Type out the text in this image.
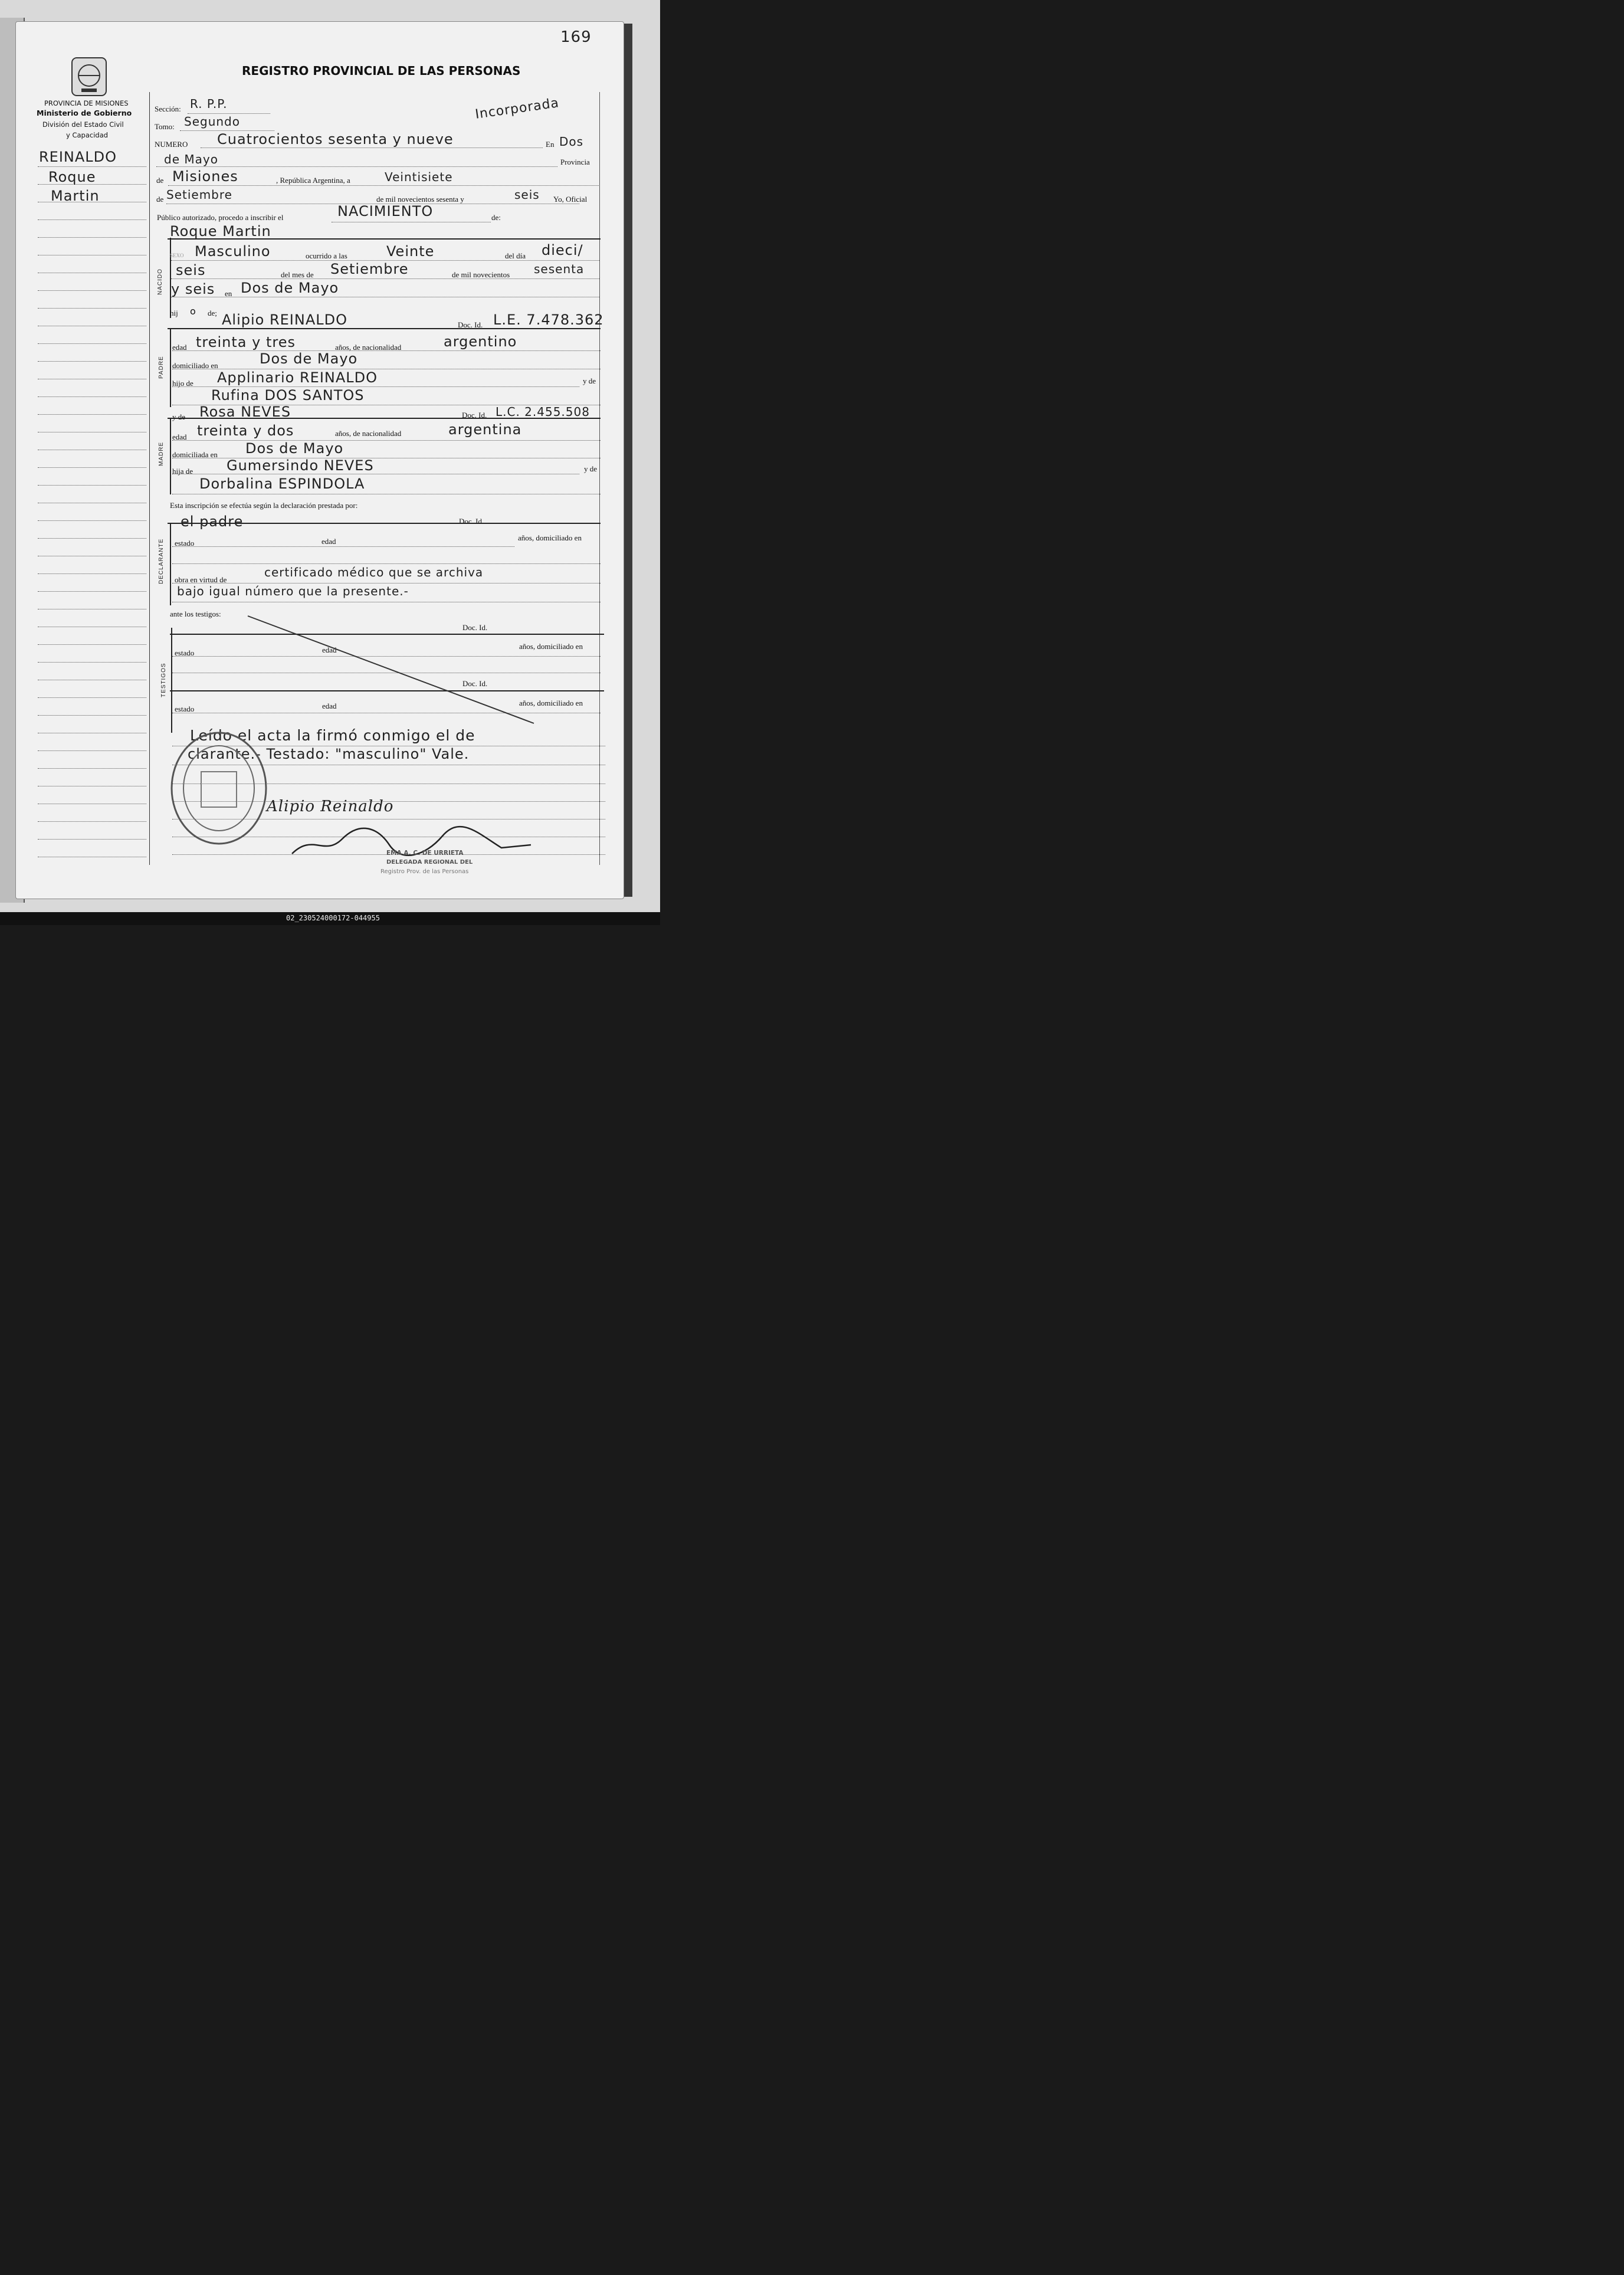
169
REGISTRO PROVINCIAL DE LAS PERSONAS
Incorporada
PROVINCIA DE MISIONES
Ministerio de Gobierno
División del Estado Civil
y Capacidad
REINALDO
Roque
Martin
Sección: R. P.P.
Tomo: Segundo
NUMERO Cuatrocientos sesenta y nueve	En Dos
de Mayo	Provincia
de Misiones	, República Argentina, a	Veintisiete
de Setiembre	de mil novecientos sesenta y	seis Yo, Oficial
Público autorizado, procedo a inscribir el	NACIMIENTO	de:
NACIDO
Roque Martin
SEXO Masculino	ocurrido a las	Veinte	del día dieci/
seis	del mes de Setiembre	de mil novecientos sesenta
y seis en Dos de Mayo
hij o de;
PADRE
Alipio REINALDO	Doc. Id. L.E. 7.478.362
edad treinta y tres	años, de nacionalidad	argentino
domiciliado en	Dos de Mayo
hijo de Applinario REINALDO	y de
Rufina DOS SANTOS
MADRE
y de Rosa NEVES	Doc. Id. L.C. 2.455.508
edad treinta y dos	años, de nacionalidad	argentina
domiciliada en Dos de Mayo
hija de Gumersindo NEVES	y de
Dorbalina ESPINDOLA
Esta inscripción se efectúa según la declaración prestada por:
DECLARANTE
el padre	Doc. Id.
estado	edad	años, domiciliado en
obra en virtud de
certificado médico que se archiva
bajo igual número que la presente.-
ante los testigos:
TESTIGOS
Doc. Id.
estado	edad	años, domiciliado en
Doc. Id.
estado	edad	años, domiciliado en
Leído el acta la firmó conmigo el de
clarante.- Testado: "masculino" Vale.
Alipio Reinaldo
EMA A. C. DE URRIETA
DELEGADA REGIONAL DEL
Registro Prov. de las Personas
02_230524000172-044955
